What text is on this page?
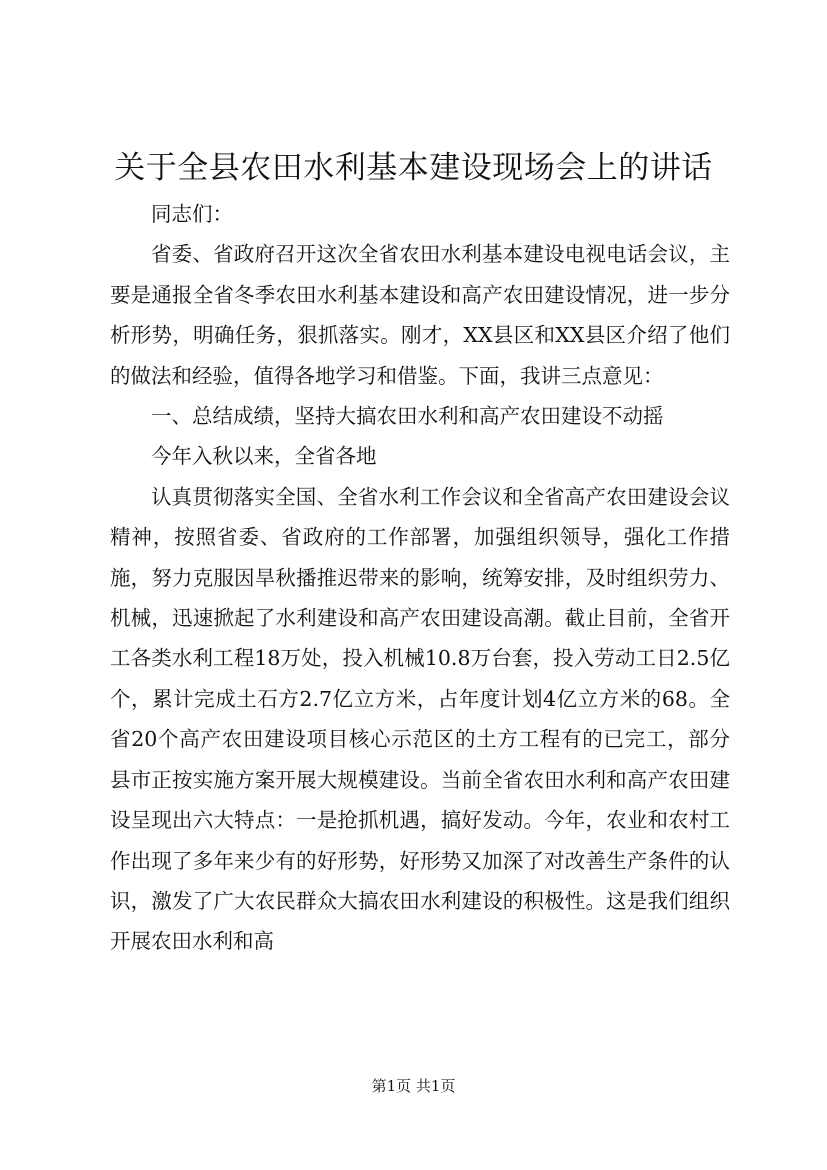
关于全县农田水利基本建设现场会上的讲话

同志们：

省委、省政府召开这次全省农田水利基本建设电视电话会议，主要是通报全省冬季农田水利基本建设和高产农田建设情况，进一步分析形势，明确任务，狠抓落实。刚才，XX县区和XX县区介绍了他们的做法和经验，值得各地学习和借鉴。下面，我讲三点意见：

一、总结成绩，坚持大搞农田水利和高产农田建设不动摇

今年入秋以来，全省各地

认真贯彻落实全国、全省水利工作会议和全省高产农田建设会议精神，按照省委、省政府的工作部署，加强组织领导，强化工作措施，努力克服因旱秋播推迟带来的影响，统筹安排，及时组织劳力、机械，迅速掀起了水利建设和高产农田建设高潮。截止目前，全省开工各类水利工程18万处，投入机械10.8万台套，投入劳动工日2.5亿个，累计完成土石方2.7亿立方米，占年度计划4亿立方米的68。全省20个高产农田建设项目核心示范区的土方工程有的已完工，部分县市正按实施方案开展大规模建设。当前全省农田水利和高产农田建设呈现出六大特点：一是抢抓机遇，搞好发动。今年，农业和农村工作出现了多年来少有的好形势，好形势又加深了对改善生产条件的认识，激发了广大农民群众大搞农田水利建设的积极性。这是我们组织开展农田水利和高

第1页 共1页
